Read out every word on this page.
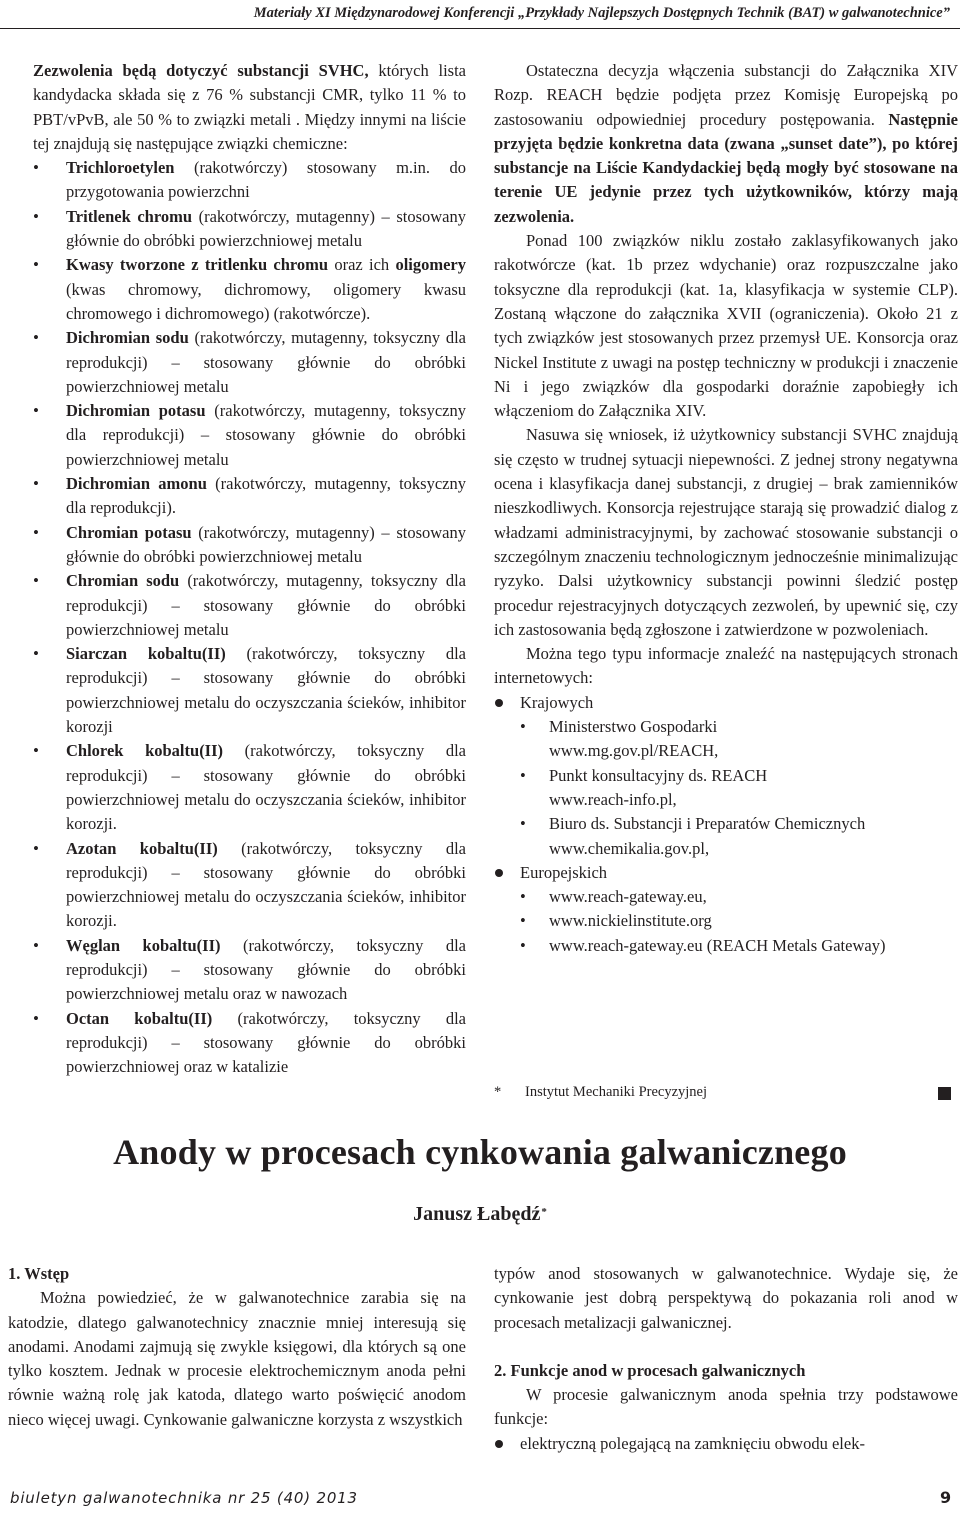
Materiały XI Międzynarodowej Konferencji „Przykłady Najlepszych Dostępnych Technik (BAT) w galwanotechnice”

Zezwolenia będą dotyczyć substancji SVHC, których lista kandydacka składa się z 76 % substancji CMR, tylko 11 % to PBT/vPvB, ale 50 % to związki metali . Między innymi na liście tej znajdują się następujące związki chemiczne:

• Trichloroetylen (rakotwórczy) stosowany m.in. do przygotowania powierzchni
• Tritlenek chromu (rakotwórczy, mutagenny) – stosowany głównie do obróbki powierzchniowej metalu
• Kwasy tworzone z tritlenku chromu oraz ich oligomery (kwas chromowy, dichromowy, oligomery kwasu chromowego i dichromowego) (rakotwórcze).
• Dichromian sodu (rakotwórczy, mutagenny, toksyczny dla reprodukcji) – stosowany głównie do obróbki powierzchniowej metalu
• Dichromian potasu (rakotwórczy, mutagenny, toksyczny dla reprodukcji) – stosowany głównie do obróbki powierzchniowej metalu
• Dichromian amonu (rakotwórczy, mutagenny, toksyczny dla reprodukcji).
• Chromian potasu (rakotwórczy, mutagenny) – stosowany głównie do obróbki powierzchniowej metalu
• Chromian sodu (rakotwórczy, mutagenny, toksyczny dla reprodukcji) – stosowany głównie do obróbki powierzchniowej metalu
• Siarczan kobaltu(II) (rakotwórczy, toksyczny dla reprodukcji) – stosowany głównie do obróbki powierzchniowej metalu do oczyszczania ścieków, inhibitor korozji
• Chlorek kobaltu(II) (rakotwórczy, toksyczny dla reprodukcji) – stosowany głównie do obróbki powierzchniowej metalu do oczyszczania ścieków, inhibitor korozji.
• Azotan kobaltu(II) (rakotwórczy, toksyczny dla reprodukcji) – stosowany głównie do obróbki powierzchniowej metalu do oczyszczania ścieków, inhibitor korozji.
• Węglan kobaltu(II) (rakotwórczy, toksyczny dla reprodukcji) – stosowany głównie do obróbki powierzchniowej metalu oraz w nawozach
• Octan kobaltu(II) (rakotwórczy, toksyczny dla reprodukcji) – stosowany głównie do obróbki powierzchniowej oraz w katalizie

Ostateczna decyzja włączenia substancji do Załącznika XIV Rozp. REACH będzie podjęta przez Komisję Europejską po zastosowaniu odpowiedniej procedury postępowania. Następnie przyjęta będzie konkretna data (zwana „sunset date”), po której substancje na Liście Kandydackiej będą mogły być stosowane na terenie UE jedynie przez tych użytkowników, którzy mają zezwolenia.

Ponad 100 związków niklu zostało zaklasyfikowanych jako rakotwórcze (kat. 1b przez wdychanie) oraz rozpuszczalne jako toksyczne dla reprodukcji (kat. 1a, klasyfikacja w systemie CLP). Zostaną włączone do załącznika XVII (ograniczenia). Około 21 z tych związków jest stosowanych przez przemysł UE. Konsorcja oraz Nickel Institute z uwagi na postęp techniczny w produkcji i znaczenie Ni i jego związków dla gospodarki doraźnie zapobiegły ich włączeniom do Załącznika XIV.

Nasuwa się wniosek, iż użytkownicy substancji SVHC znajdują się często w trudnej sytuacji niepewności. Z jednej strony negatywna ocena i klasyfikacja danej substancji, z drugiej – brak zamienników nieszkodliwych. Konsorcja rejestrujące starają się prowadzić dialog z władzami administracyjnymi, by zachować stosowanie substancji o szczególnym znaczeniu technologicznym jednocześnie minimalizując ryzyko. Dalsi użytkownicy substancji powinni śledzić postęp procedur rejestracyjnych dotyczących zezwoleń, by upewnić się, czy ich zastosowania będą zgłoszone i zatwierdzone w pozwoleniach.

Można tego typu informacje znaleźć na następujących stronach internetowych:

Krajowych
• Ministerstwo Gospodarki
www.mg.gov.pl/REACH,
• Punkt konsultacyjny ds. REACH
www.reach-info.pl,
• Biuro ds. Substancji i Preparatów Chemicznych
www.chemikalia.gov.pl,
Europejskich
• www.reach-gateway.eu,
• www.nickielinstitute.org
• www.reach-gateway.eu (REACH Metals Gateway)
* Instytut Mechaniki Precyzyjnej
Anody w procesach cynkowania galwanicznego
Janusz Łabędź*

1. Wstęp

Można powiedzieć, że w galwanotechnice zarabia się na katodzie, dlatego galwanotechnicy znacznie mniej interesują się anodami. Anodami zajmują się zwykle księgowi, dla których są one tylko kosztem. Jednak w procesie elektrochemicznym anoda pełni równie ważną rolę jak katoda, dlatego warto poświęcić anodom nieco więcej uwagi. Cynkowanie galwaniczne korzysta z wszystkich

typów anod stosowanych w galwanotechnice. Wydaje się, że cynkowanie jest dobrą perspektywą do pokazania roli anod w procesach metalizacji galwanicznej.

2. Funkcje anod w procesach galwanicznych

W procesie galwanicznym anoda spełnia trzy podstawowe funkcje:

elektryczną polegającą na zamknięciu obwodu elek-
biuletyn galwanotechnika nr 25 (40) 2013	9
